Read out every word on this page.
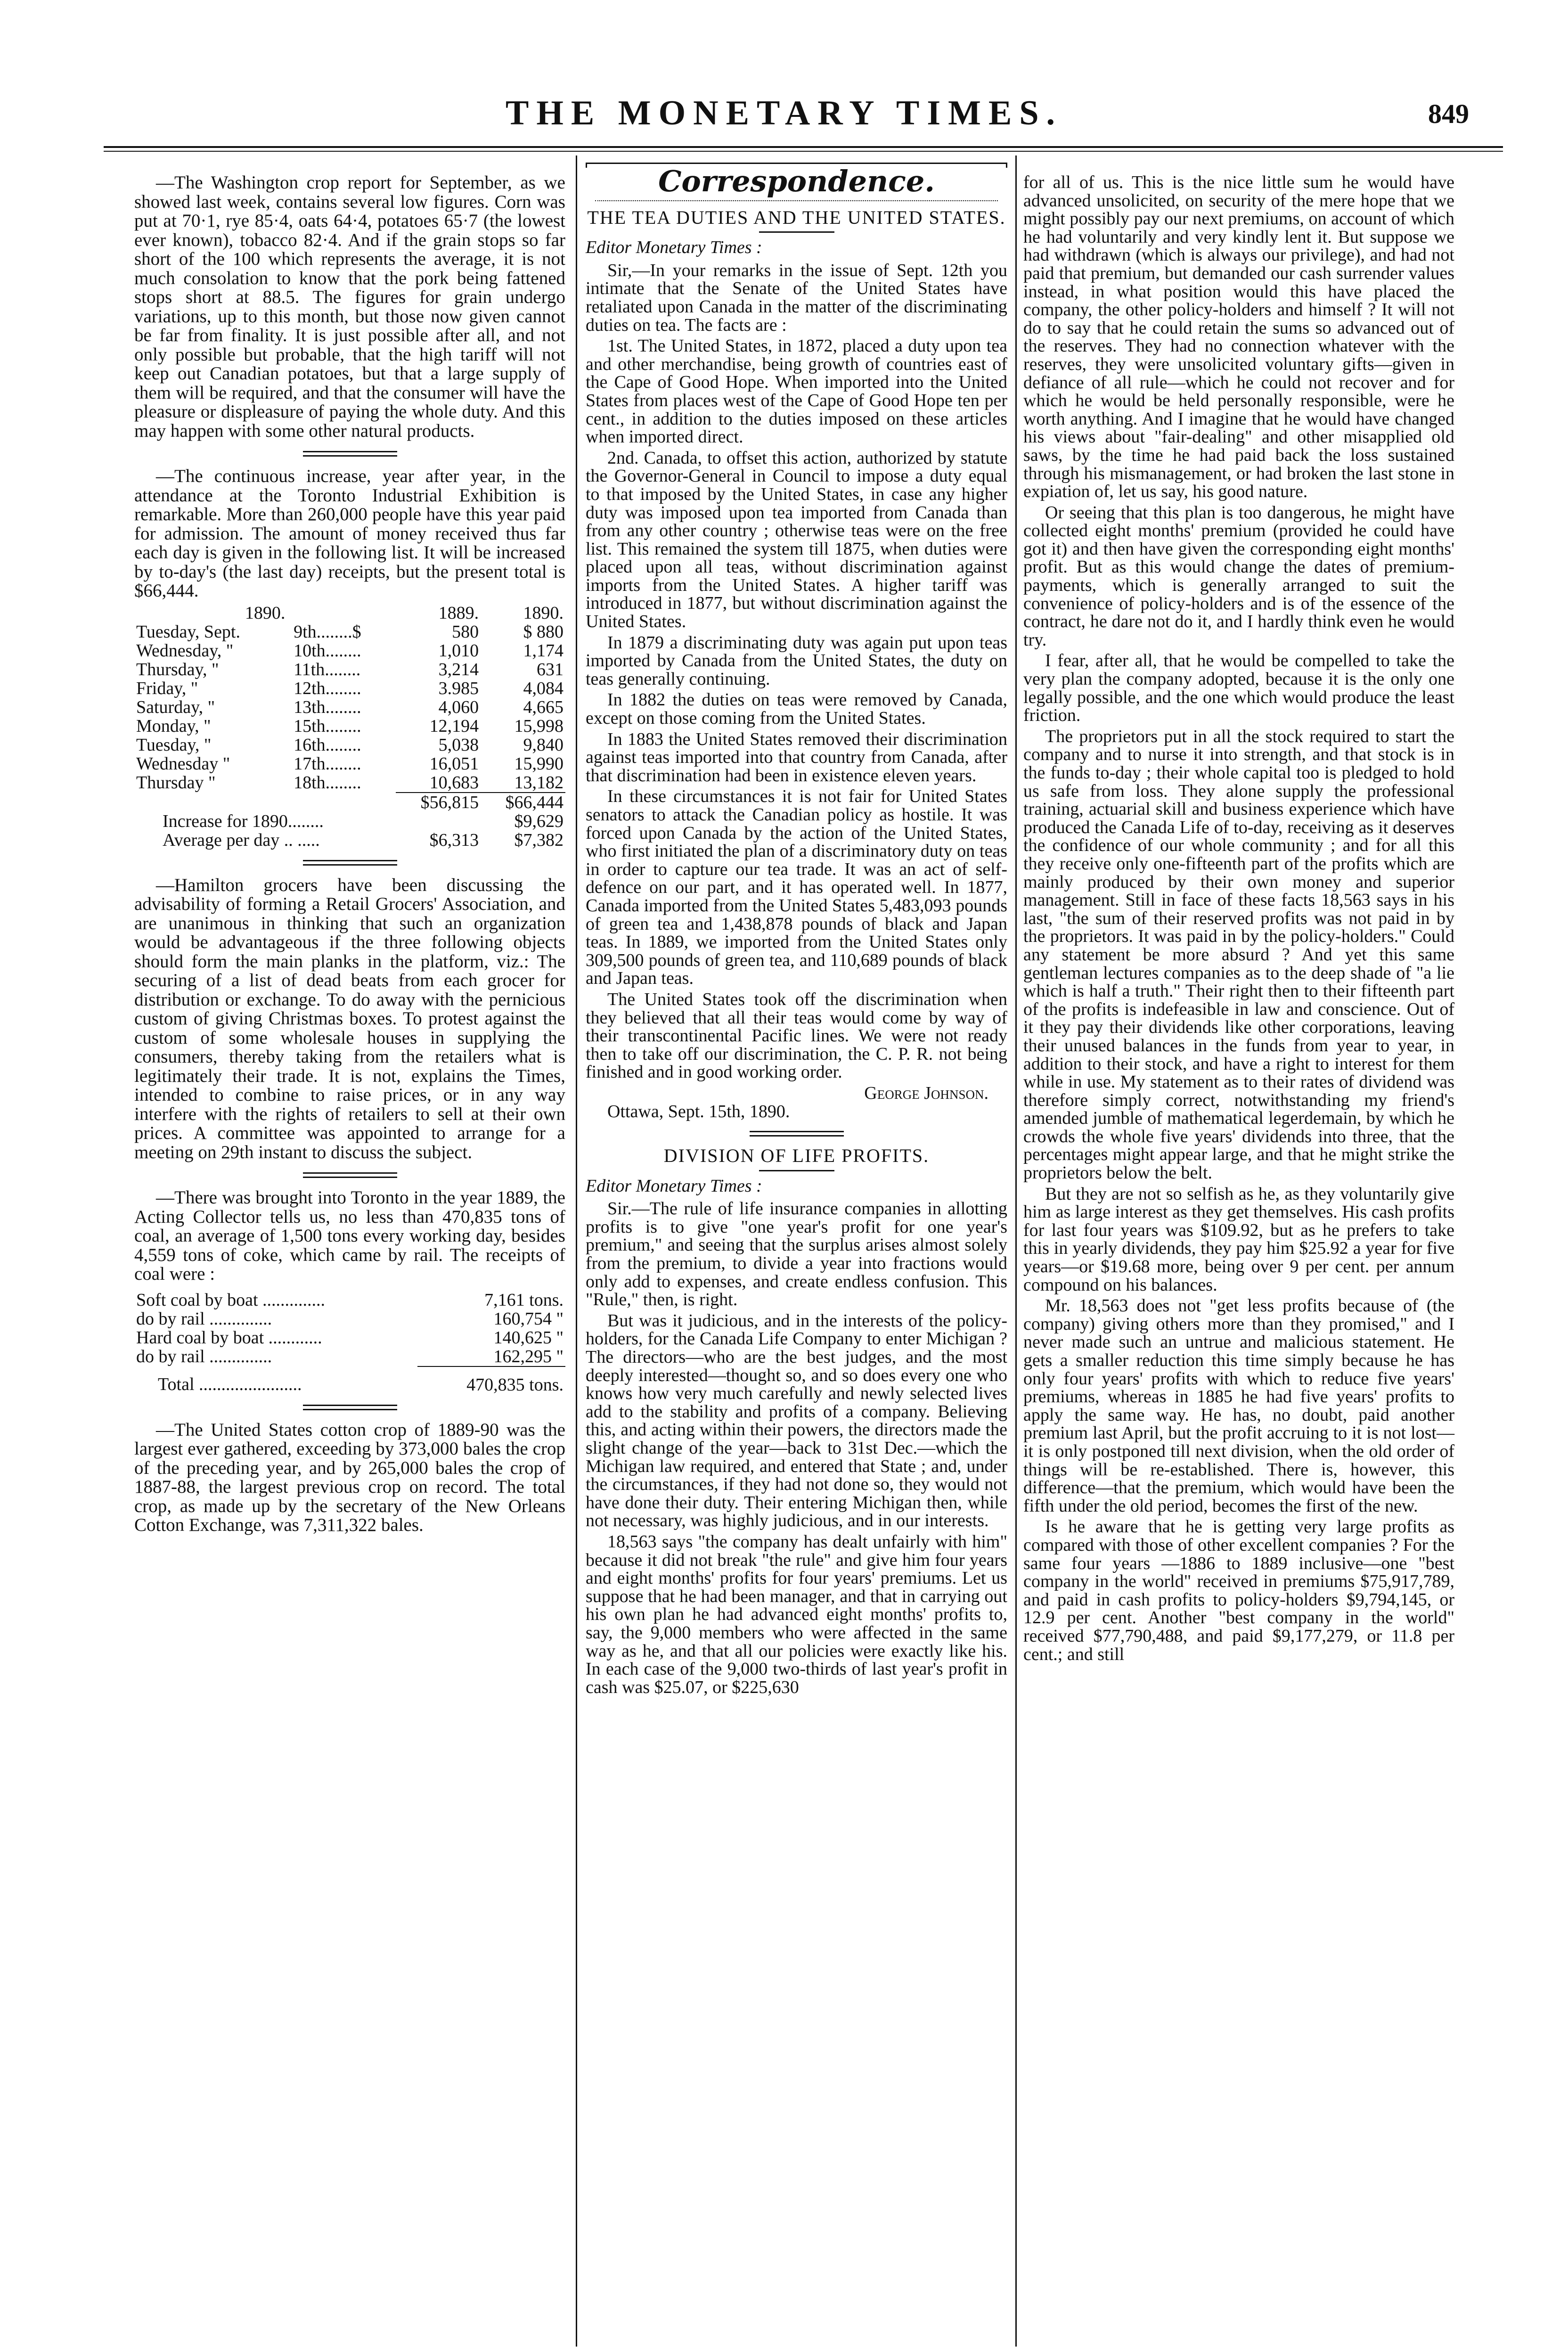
THE MONETARY TIMES.	849

—The Washington crop report for September, as we showed last week, contains several low figures. Corn was put at 70·1, rye 85·4, oats 64·4, potatoes 65·7 (the lowest ever known), tobacco 82·4. And if the grain stops so far short of the 100 which represents the average, it is not much consolation to know that the pork being fattened stops short at 88.5. The figures for grain undergo variations, up to this month, but those now given cannot be far from finality. It is just possible after all, and not only possible but probable, that the high tariff will not keep out Canadian potatoes, but that a large supply of them will be required, and that the consumer will have the pleasure or displeasure of paying the whole duty. And this may happen with some other natural products.

—The continuous increase, year after year, in the attendance at the Toronto Industrial Exhibition is remarkable. More than 260,000 people have this year paid for admission. The amount of money received thus far each day is given in the following list. It will be increased by to-day's (the last day) receipts, but the present total is $66,444.

1890.		1889.	1890.
Tuesday, Sept.	9th........$	580	$ 880
Wednesday, "	10th........	1,010	1,174
Thursday, "	11th........	3,214	631
Friday, "	12th........	3.985	4,084
Saturday, "	13th........	4,060	4,665
Monday, "	15th........	12,194	15,998
Tuesday, "	16th........	5,038	9,840
Wednesday "	17th........	16,051	15,990
Thursday "	18th........	10,683	13,182
		$56,815	$66,444
Increase for 1890........			$9,629
Average per day .. .....		$6,313	$7,382

—Hamilton grocers have been discussing the advisability of forming a Retail Grocers' Association, and are unanimous in thinking that such an organization would be advantageous if the three following objects should form the main planks in the platform, viz.: The securing of a list of dead beats from each grocer for distribution or exchange. To do away with the pernicious custom of giving Christmas boxes. To protest against the custom of some wholesale houses in supplying the consumers, thereby taking from the retailers what is legitimately their trade. It is not, explains the Times, intended to combine to raise prices, or in any way interfere with the rights of retailers to sell at their own prices. A committee was appointed to arrange for a meeting on 29th instant to discuss the subject.

—There was brought into Toronto in the year 1889, the Acting Collector tells us, no less than 470,835 tons of coal, an average of 1,500 tons every working day, besides 4,559 tons of coke, which came by rail. The receipts of coal were :

Soft coal by boat ..............	7,161 tons.
do by rail ..............	160,754 "
Hard coal by boat ............	140,625 "
do by rail ..............	162,295 "
Total .......................	470,835 tons.

—The United States cotton crop of 1889-90 was the largest ever gathered, exceeding by 373,000 bales the crop of the preceding year, and by 265,000 bales the crop of 1887-88, the largest previous crop on record. The total crop, as made up by the secretary of the New Orleans Cotton Exchange, was 7,311,322 bales.

Correspondence.
THE TEA DUTIES AND THE UNITED STATES.
Editor Monetary Times :

Sir,—In your remarks in the issue of Sept. 12th you intimate that the Senate of the United States have retaliated upon Canada in the matter of the discriminating duties on tea. The facts are :

1st. The United States, in 1872, placed a duty upon tea and other merchandise, being growth of countries east of the Cape of Good Hope. When imported into the United States from places west of the Cape of Good Hope ten per cent., in addition to the duties imposed on these articles when imported direct.

2nd. Canada, to offset this action, authorized by statute the Governor-General in Council to impose a duty equal to that imposed by the United States, in case any higher duty was imposed upon tea imported from Canada than from any other country ; otherwise teas were on the free list. This remained the system till 1875, when duties were placed upon all teas, without discrimination against imports from the United States. A higher tariff was introduced in 1877, but without discrimination against the United States.

In 1879 a discriminating duty was again put upon teas imported by Canada from the United States, the duty on teas generally continuing.

In 1882 the duties on teas were removed by Canada, except on those coming from the United States.

In 1883 the United States removed their discrimination against teas imported into that country from Canada, after that discrimination had been in existence eleven years.

In these circumstances it is not fair for United States senators to attack the Canadian policy as hostile. It was forced upon Canada by the action of the United States, who first initiated the plan of a discriminatory duty on teas in order to capture our tea trade. It was an act of self-defence on our part, and it has operated well. In 1877, Canada imported from the United States 5,483,093 pounds of green tea and 1,438,878 pounds of black and Japan teas. In 1889, we imported from the United States only 309,500 pounds of green tea, and 110,689 pounds of black and Japan teas.

The United States took off the discrimination when they believed that all their teas would come by way of their transcontinental Pacific lines. We were not ready then to take off our discrimination, the C. P. R. not being finished and in good working order.

George Johnson.

Ottawa, Sept. 15th, 1890.

DIVISION OF LIFE PROFITS.
Editor Monetary Times :

Sir.—The rule of life insurance companies in allotting profits is to give "one year's profit for one year's premium," and seeing that the surplus arises almost solely from the premium, to divide a year into fractions would only add to expenses, and create endless confusion. This "Rule," then, is right.

But was it judicious, and in the interests of the policy-holders, for the Canada Life Company to enter Michigan ? The directors—who are the best judges, and the most deeply interested—thought so, and so does every one who knows how very much carefully and newly selected lives add to the stability and profits of a company. Believing this, and acting within their powers, the directors made the slight change of the year—back to 31st Dec.—which the Michigan law required, and entered that State ; and, under the circumstances, if they had not done so, they would not have done their duty. Their entering Michigan then, while not necessary, was highly judicious, and in our interests.

18,563 says "the company has dealt unfairly with him" because it did not break "the rule" and give him four years and eight months' profits for four years' premiums. Let us suppose that he had been manager, and that in carrying out his own plan he had advanced eight months' profits to, say, the 9,000 members who were affected in the same way as he, and that all our policies were exactly like his. In each case of the 9,000 two-thirds of last year's profit in cash was $25.07, or $225,630

for all of us. This is the nice little sum he would have advanced unsolicited, on security of the mere hope that we might possibly pay our next premiums, on account of which he had voluntarily and very kindly lent it. But suppose we had withdrawn (which is always our privilege), and had not paid that premium, but demanded our cash surrender values instead, in what position would this have placed the company, the other policy-holders and himself ? It will not do to say that he could retain the sums so advanced out of the reserves. They had no connection whatever with the reserves, they were unsolicited voluntary gifts—given in defiance of all rule—which he could not recover and for which he would be held personally responsible, were he worth anything. And I imagine that he would have changed his views about "fair-dealing" and other misapplied old saws, by the time he had paid back the loss sustained through his mismanagement, or had broken the last stone in expiation of, let us say, his good nature.

Or seeing that this plan is too dangerous, he might have collected eight months' premium (provided he could have got it) and then have given the corresponding eight months' profit. But as this would change the dates of premium-payments, which is generally arranged to suit the convenience of policy-holders and is of the essence of the contract, he dare not do it, and I hardly think even he would try.

I fear, after all, that he would be compelled to take the very plan the company adopted, because it is the only one legally possible, and the one which would produce the least friction.

The proprietors put in all the stock required to start the company and to nurse it into strength, and that stock is in the funds to-day ; their whole capital too is pledged to hold us safe from loss. They alone supply the professional training, actuarial skill and business experience which have produced the Canada Life of to-day, receiving as it deserves the confidence of our whole community ; and for all this they receive only one-fifteenth part of the profits which are mainly produced by their own money and superior management. Still in face of these facts 18,563 says in his last, "the sum of their reserved profits was not paid in by the proprietors. It was paid in by the policy-holders." Could any statement be more absurd ? And yet this same gentleman lectures companies as to the deep shade of "a lie which is half a truth." Their right then to their fifteenth part of the profits is indefeasible in law and conscience. Out of it they pay their dividends like other corporations, leaving their unused balances in the funds from year to year, in addition to their stock, and have a right to interest for them while in use. My statement as to their rates of dividend was therefore simply correct, notwithstanding my friend's amended jumble of mathematical legerdemain, by which he crowds the whole five years' dividends into three, that the percentages might appear large, and that he might strike the proprietors below the belt.

But they are not so selfish as he, as they voluntarily give him as large interest as they get themselves. His cash profits for last four years was $109.92, but as he prefers to take this in yearly dividends, they pay him $25.92 a year for five years—or $19.68 more, being over 9 per cent. per annum compound on his balances.

Mr. 18,563 does not "get less profits because of (the company) giving others more than they promised," and I never made such an untrue and malicious statement. He gets a smaller reduction this time simply because he has only four years' profits with which to reduce five years' premiums, whereas in 1885 he had five years' profits to apply the same way. He has, no doubt, paid another premium last April, but the profit accruing to it is not lost—it is only postponed till next division, when the old order of things will be re-established. There is, however, this difference—that the premium, which would have been the fifth under the old period, becomes the first of the new.

Is he aware that he is getting very large profits as compared with those of other excellent companies ? For the same four years —1886 to 1889 inclusive—one "best company in the world" received in premiums $75,917,789, and paid in cash profits to policy-holders $9,794,145, or 12.9 per cent. Another "best company in the world" received $77,790,488, and paid $9,177,279, or 11.8 per cent.; and still
